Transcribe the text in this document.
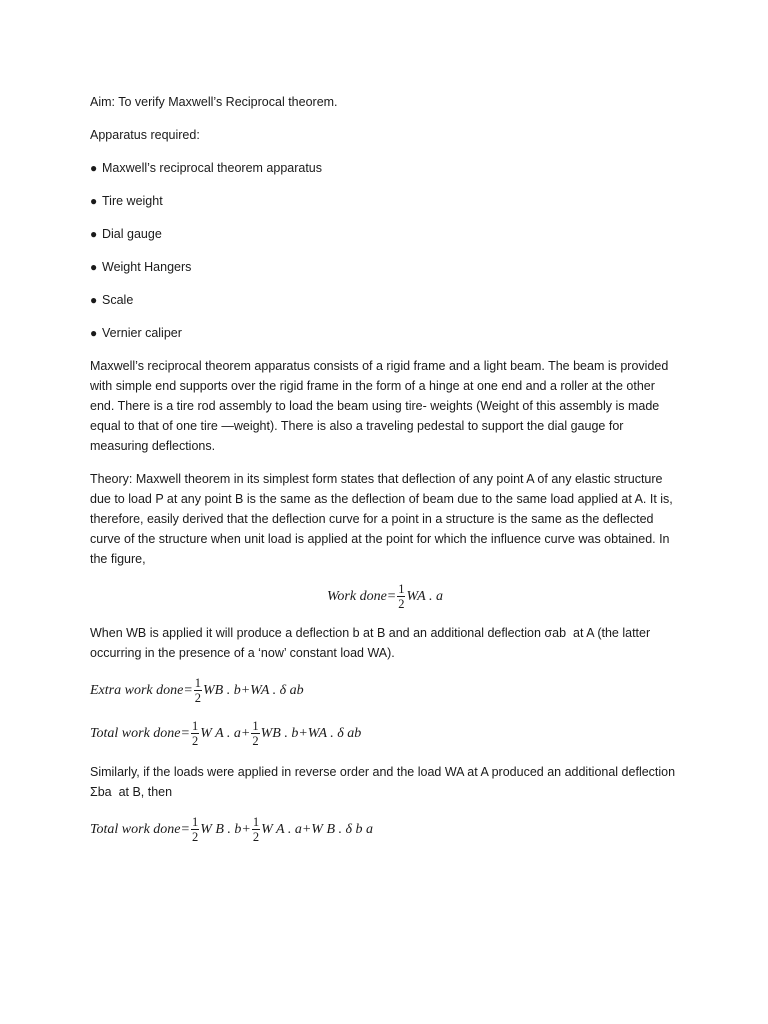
Aim: To verify Maxwell’s Reciprocal theorem.

Apparatus required:

● Maxwell’s reciprocal theorem apparatus
● Tire weight
● Dial gauge
● Weight Hangers
● Scale
● Vernier caliper

Maxwell’s reciprocal theorem apparatus consists of a rigid frame and a light beam. The beam is provided with simple end supports over the rigid frame in the form of a hinge at one end and a roller at the other end. There is a tire rod assembly to load the beam using tire- weights (Weight of this assembly is made equal to that of one tire —weight). There is also a traveling pedestal to support the dial gauge for measuring deflections.

Theory: Maxwell theorem in its simplest form states that deflection of any point A of any elastic structure due to load P at any point B is the same as the deflection of beam due to the same load applied at A. It is, therefore, easily derived that the deflection curve for a point in a structure is the same as the deflected curve of the structure when unit load is applied at the point for which the influence curve was obtained. In the figure,

Work done= $\frac{1}{2}$ WA . a

When WB is applied it will produce a deflection b at B and an additional deflection σab  at A (the latter occurring in the presence of a ‘now’ constant load WA).

Extra work done= $\frac{1}{2}$ WB . b+WA . δ ab
Total work done= $\frac{1}{2}$ W A . $a+ \frac{1}{2}$ WB . b+WA . δ ab

Similarly, if the loads were applied in reverse order and the load WA at A produced an additional deflection Σba  at B, then

Total work done= $\frac{1}{2}$ W B . $b+ \frac{1}{2}$ W A . a+W B . δ b a
